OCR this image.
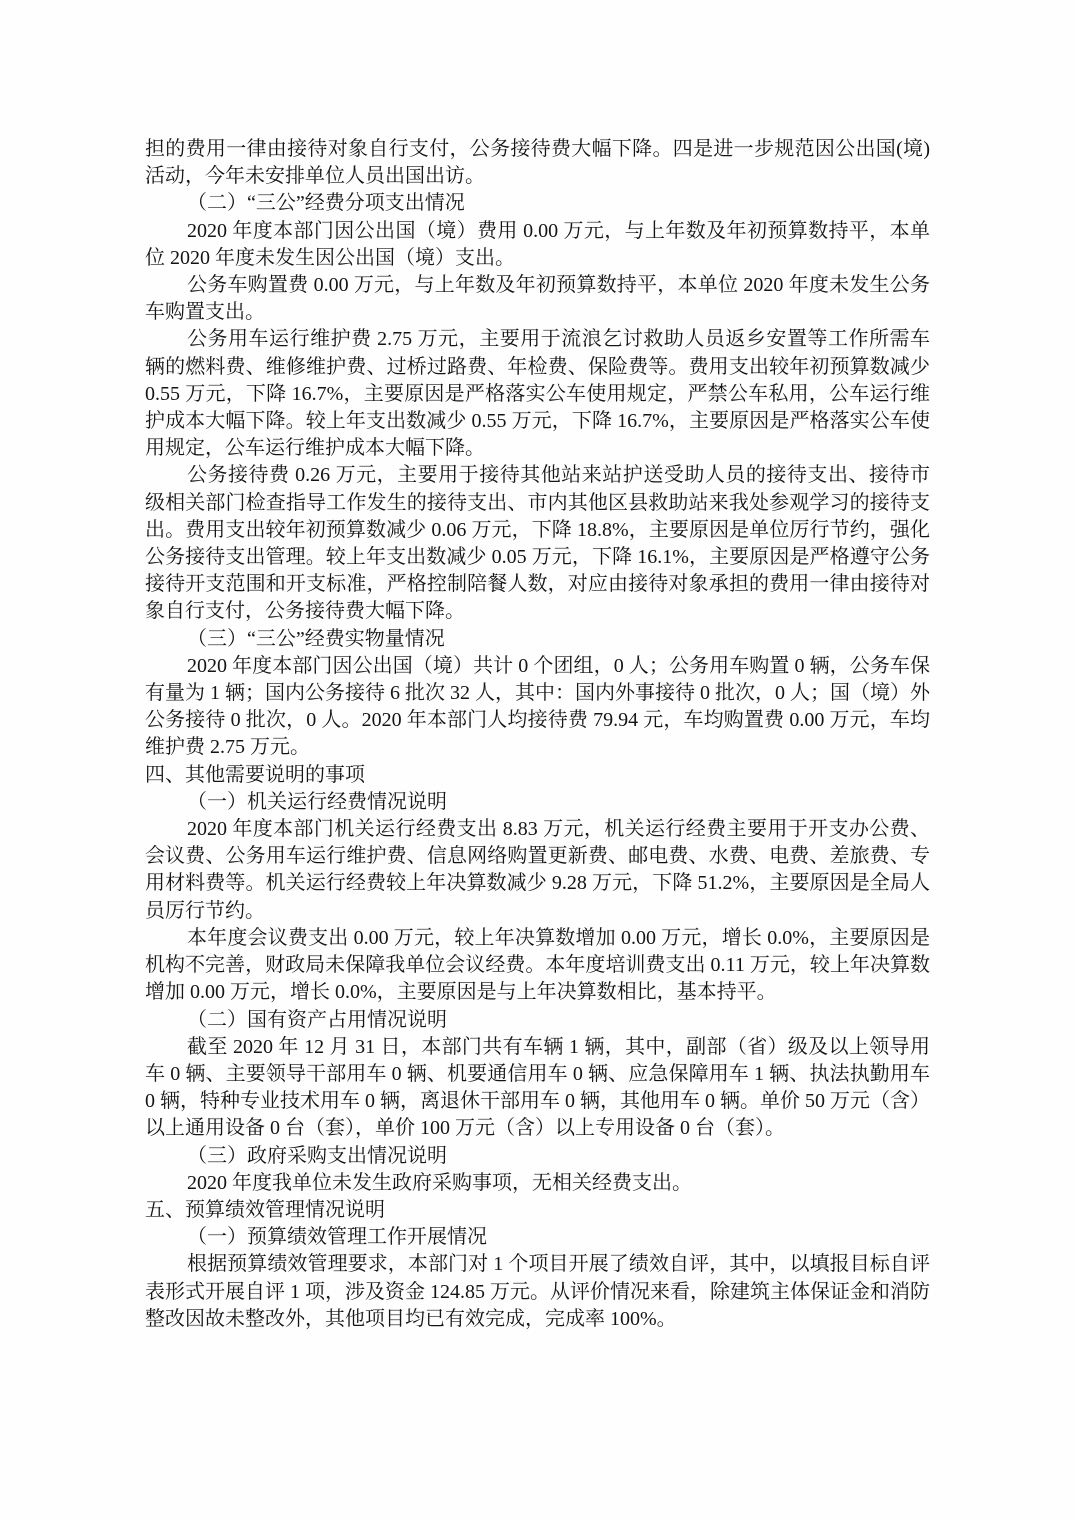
担的费用一律由接待对象自行支付，公务接待费大幅下降。四是进一步规范因公出国(境)活动，今年未安排单位人员出国出访。

（二）“三公”经费分项支出情况

2020 年度本部门因公出国（境）费用 0.00 万元，与上年数及年初预算数持平，本单位 2020 年度未发生因公出国（境）支出。

公务车购置费 0.00 万元，与上年数及年初预算数持平，本单位 2020 年度未发生公务车购置支出。

公务用车运行维护费 2.75 万元，主要用于流浪乞讨救助人员返乡安置等工作所需车辆的燃料费、维修维护费、过桥过路费、年检费、保险费等。费用支出较年初预算数减少 0.55 万元，下降 16.7%，主要原因是严格落实公车使用规定，严禁公车私用，公车运行维护成本大幅下降。较上年支出数减少 0.55 万元，下降 16.7%，主要原因是严格落实公车使用规定，公车运行维护成本大幅下降。

公务接待费 0.26 万元，主要用于接待其他站来站护送受助人员的接待支出、接待市级相关部门检查指导工作发生的接待支出、市内其他区县救助站来我处参观学习的接待支出。费用支出较年初预算数减少 0.06 万元，下降 18.8%，主要原因是单位厉行节约，强化公务接待支出管理。较上年支出数减少 0.05 万元，下降 16.1%，主要原因是严格遵守公务接待开支范围和开支标准，严格控制陪餐人数，对应由接待对象承担的费用一律由接待对象自行支付，公务接待费大幅下降。

（三）“三公”经费实物量情况

2020 年度本部门因公出国（境）共计 0 个团组，0 人；公务用车购置 0 辆，公务车保有量为 1 辆；国内公务接待 6 批次 32 人，其中：国内外事接待 0 批次，0 人；国（境）外公务接待 0 批次，0 人。2020 年本部门人均接待费 79.94 元，车均购置费 0.00 万元，车均维护费 2.75 万元。

四、其他需要说明的事项

（一）机关运行经费情况说明

2020 年度本部门机关运行经费支出 8.83 万元，机关运行经费主要用于开支办公费、会议费、公务用车运行维护费、信息网络购置更新费、邮电费、水费、电费、差旅费、专用材料费等。机关运行经费较上年决算数减少 9.28 万元，下降 51.2%，主要原因是全局人员厉行节约。

本年度会议费支出 0.00 万元，较上年决算数增加 0.00 万元，增长 0.0%，主要原因是机构不完善，财政局未保障我单位会议经费。本年度培训费支出 0.11 万元，较上年决算数增加 0.00 万元，增长 0.0%，主要原因是与上年决算数相比，基本持平。

（二）国有资产占用情况说明

截至 2020 年 12 月 31 日，本部门共有车辆 1 辆，其中，副部（省）级及以上领导用车 0 辆、主要领导干部用车 0 辆、机要通信用车 0 辆、应急保障用车 1 辆、执法执勤用车 0 辆，特种专业技术用车 0 辆，离退休干部用车 0 辆，其他用车 0 辆。单价 50 万元（含）以上通用设备 0 台（套），单价 100 万元（含）以上专用设备 0 台（套）。

（三）政府采购支出情况说明

2020 年度我单位未发生政府采购事项，无相关经费支出。

五、预算绩效管理情况说明

（一）预算绩效管理工作开展情况

根据预算绩效管理要求，本部门对 1 个项目开展了绩效自评，其中，以填报目标自评表形式开展自评 1 项，涉及资金 124.85 万元。从评价情况来看，除建筑主体保证金和消防整改因故未整改外，其他项目均已有效完成，完成率 100%。
